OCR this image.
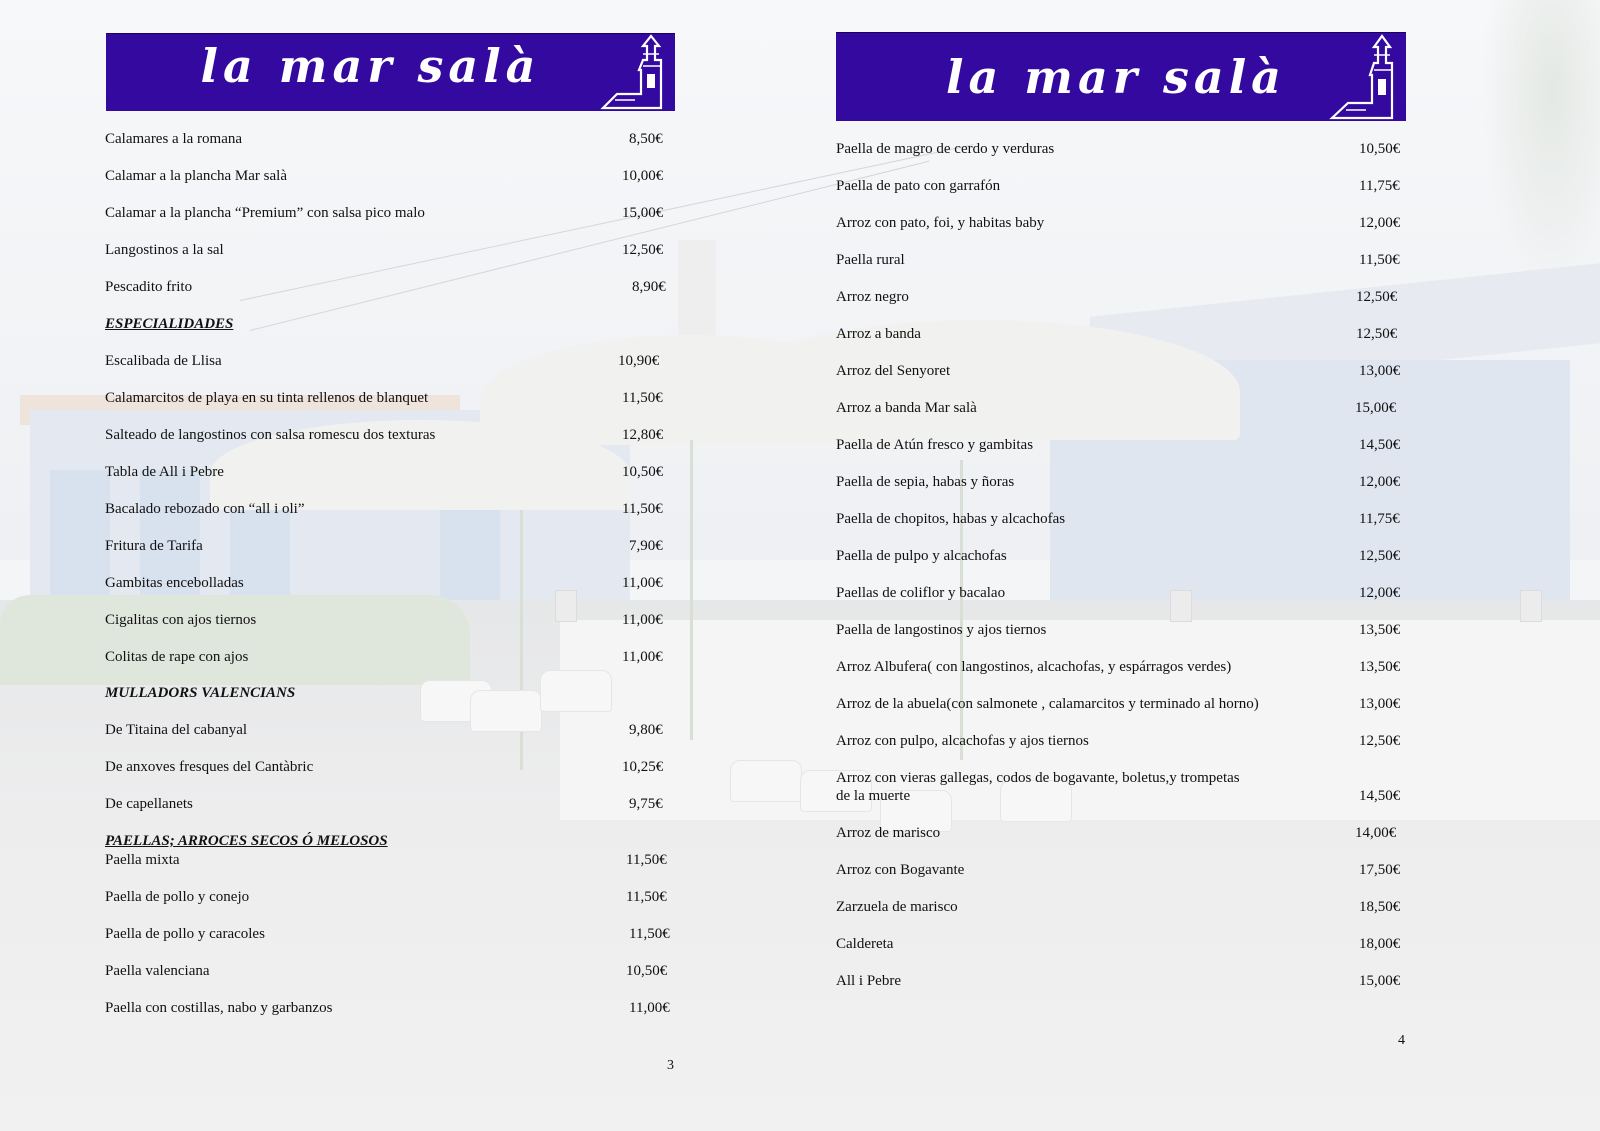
la mar salà
Calamares a la romana	8,50€
Calamar a la plancha Mar salà	10,00€
Calamar a la plancha “Premium” con salsa pico malo	15,00€
Langostinos a la sal	12,50€
Pescadito frito	8,90€
ESPECIALIDADES
Escalibada de Llisa	10,90€
Calamarcitos de playa en su tinta rellenos de blanquet	11,50€
Salteado de langostinos con salsa romescu dos texturas	12,80€
Tabla de All i Pebre	10,50€
Bacalado rebozado con “all i oli”	11,50€
Fritura de Tarifa	7,90€
Gambitas encebolladas	11,00€
Cigalitas con ajos tiernos	11,00€
Colitas de rape con ajos	11,00€
MULLADORS VALENCIANS
De Titaina del cabanyal	9,80€
De anxoves fresques del Cantàbric	10,25€
De capellanets	9,75€
PAELLAS; ARROCES SECOS Ó MELOSOS
Paella mixta	11,50€
Paella de pollo y conejo	11,50€
Paella de pollo y caracoles	11,50€
Paella valenciana	10,50€
Paella con costillas, nabo y garbanzos	11,00€
3
la mar salà
Paella de magro de cerdo y verduras	10,50€
Paella de pato con garrafón	11,75€
Arroz con pato, foi, y habitas baby	12,00€
Paella rural	11,50€
Arroz negro	12,50€
Arroz a banda	12,50€
Arroz del Senyoret	13,00€
Arroz a banda Mar salà	15,00€
Paella de Atún fresco y gambitas	14,50€
Paella de sepia, habas y ñoras	12,00€
Paella de chopitos, habas y alcachofas	11,75€
Paella de pulpo y alcachofas	12,50€
Paellas de coliflor y bacalao	12,00€
Paella de langostinos y ajos tiernos	13,50€
Arroz Albufera( con langostinos, alcachofas, y espárragos verdes)	13,50€
Arroz de la abuela(con salmonete , calamarcitos y terminado al horno)	13,00€
Arroz con pulpo, alcachofas y ajos tiernos	12,50€
Arroz con vieras gallegas, codos de bogavante, boletus,y trompetas
de la muerte	14,50€
Arroz de marisco	14,00€
Arroz con Bogavante	17,50€
Zarzuela de marisco	18,50€
Caldereta	18,00€
All i Pebre	15,00€
4
